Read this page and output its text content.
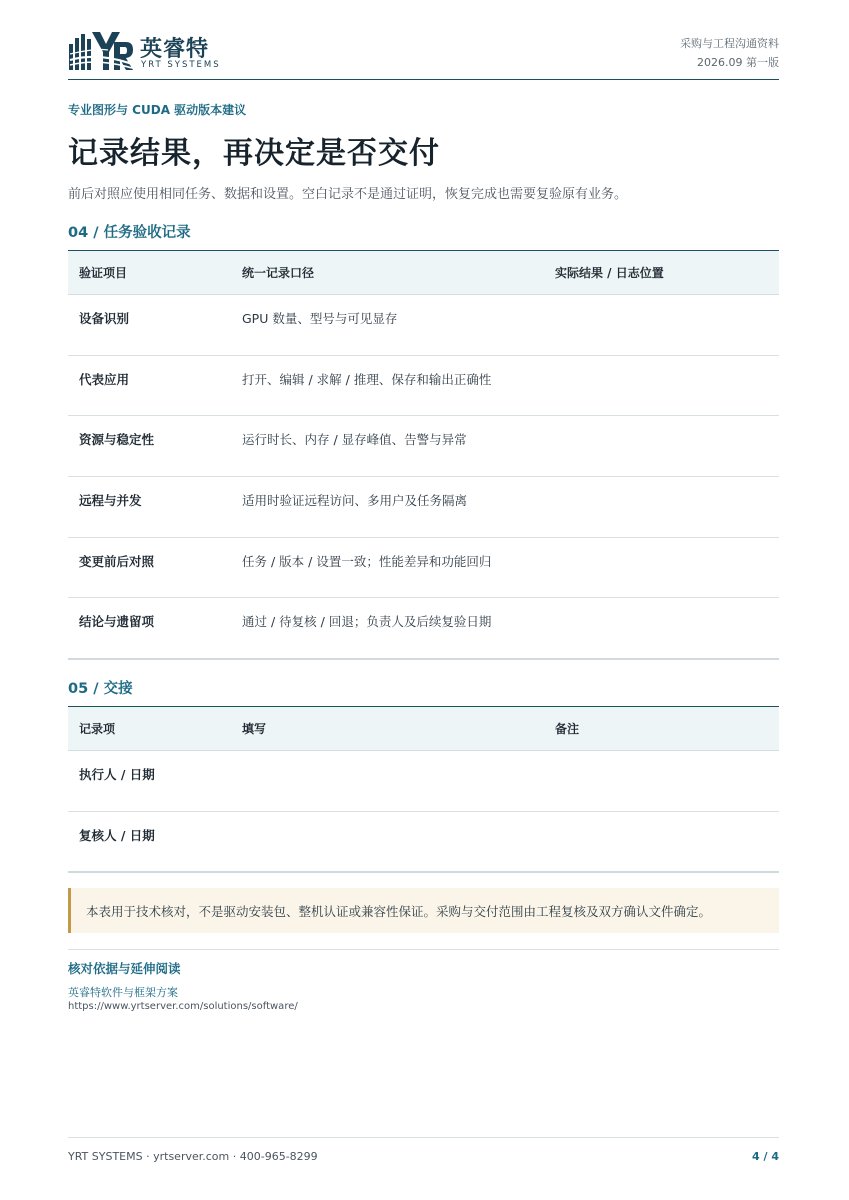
英睿特
YRT SYSTEMS
采购与工程沟通资料
2026.09 第一版
专业图形与 CUDA 驱动版本建议
记录结果，再决定是否交付
前后对照应使用相同任务、数据和设置。空白记录不是通过证明，恢复完成也需要复验原有业务。
04 / 任务验收记录
验证项目	统一记录口径	实际结果 / 日志位置
设备识别	GPU 数量、型号与可见显存	
代表应用	打开、编辑 / 求解 / 推理、保存和输出正确性	
资源与稳定性	运行时长、内存 / 显存峰值、告警与异常	
远程与并发	适用时验证远程访问、多用户及任务隔离	
变更前后对照	任务 / 版本 / 设置一致；性能差异和功能回归	
结论与遗留项	通过 / 待复核 / 回退；负责人及后续复验日期	
05 / 交接
记录项	填写	备注
执行人 / 日期		
复核人 / 日期		
本表用于技术核对，不是驱动安装包、整机认证或兼容性保证。采购与交付范围由工程复核及双方确认文件确定。
核对依据与延伸阅读
英睿特软件与框架方案
https://www.yrtserver.com/solutions/software/
YRT SYSTEMS · yrtserver.com · 400-965-8299	4 / 4
